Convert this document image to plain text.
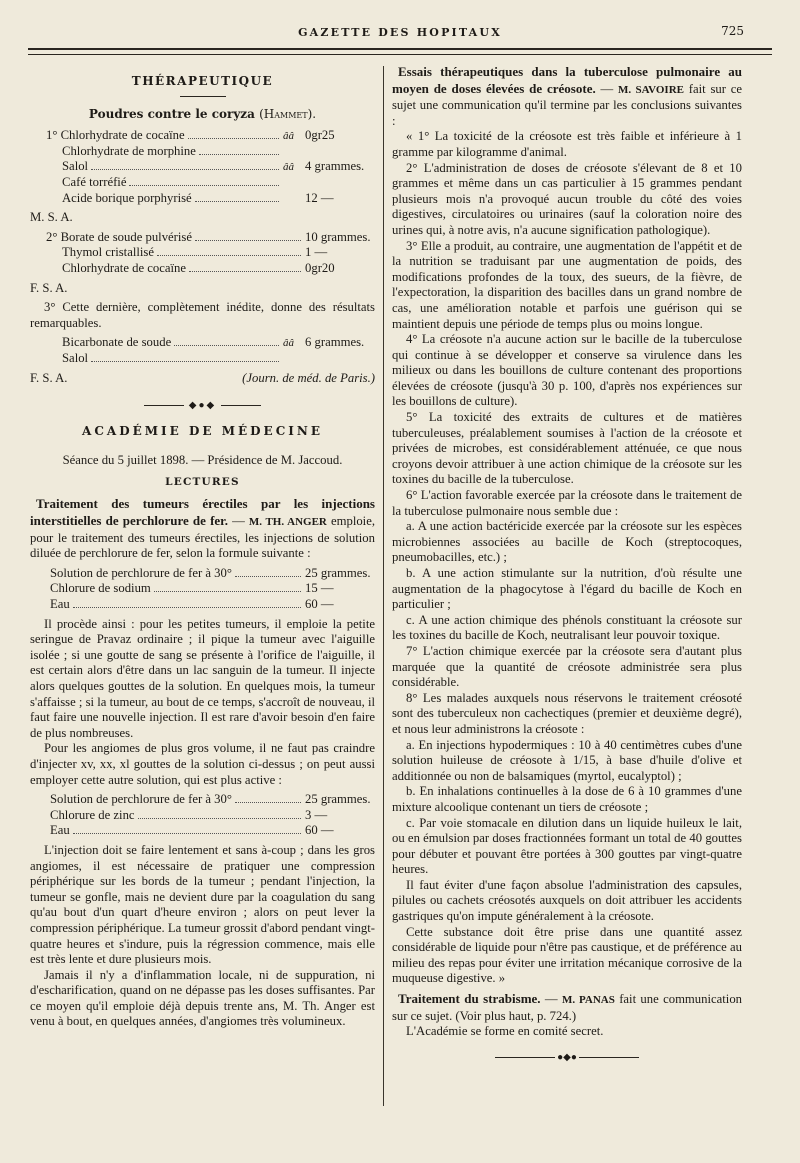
GAZETTE DES HOPITAUX	725
THÉRAPEUTIQUE
Poudres contre le coryza (Hammet).
1° Chlorhydrate de cocaïne	ââ 0gr25
Chlorhydrate de morphine
Salol	ââ 4 grammes.
Café torréfié
Acide borique porphyrisé	12 —
M. S. A.
2° Borate de soude pulvérisé	10 grammes.
Thymol cristallisé	1 —
Chlorhydrate de cocaïne	0gr20
F. S. A.

3° Cette dernière, complètement inédite, donne des résultats remarquables.

Bicarbonate de soude	ââ 6 grammes.
Salol
F. S. A.	(Journ. de méd. de Paris.)
◆●◆
ACADÉMIE DE MÉDECINE
Séance du 5 juillet 1898. — Présidence de M. Jaccoud.
LECTURES

Traitement des tumeurs érectiles par les injections interstitielles de perchlorure de fer. — M. TH. ANGER emploie, pour le traitement des tumeurs érectiles, les injections de solution diluée de perchlorure de fer, selon la formule suivante :

Solution de perchlorure de fer à 30°	25 grammes.
Chlorure de sodium	15 —
Eau	60 —

Il procède ainsi : pour les petites tumeurs, il emploie la petite seringue de Pravaz ordinaire ; il pique la tumeur avec l'aiguille isolée ; si une goutte de sang se présente à l'orifice de l'aiguille, il est certain alors d'être dans un lac sanguin de la tumeur. Il injecte alors quelques gouttes de la solution. En quelques mois, la tumeur s'affaisse ; si la tumeur, au bout de ce temps, s'accroît de nouveau, il faut faire une nouvelle injection. Il est rare d'avoir besoin d'en faire de plus nombreuses.

Pour les angiomes de plus gros volume, il ne faut pas craindre d'injecter xv, xx, xl gouttes de la solution ci-dessus ; on peut aussi employer cette autre solution, qui est plus active :

Solution de perchlorure de fer à 30°	25 grammes.
Chlorure de zinc	3 —
Eau	60 —

L'injection doit se faire lentement et sans à-coup ; dans les gros angiomes, il est nécessaire de pratiquer une compression périphérique sur les bords de la tumeur ; pendant l'injection, la tumeur se gonfle, mais ne devient dure par la coagulation du sang qu'au bout d'un quart d'heure environ ; alors on peut lever la compression périphérique. La tumeur grossit d'abord pendant vingt-quatre heures et s'indure, puis la régression commence, mais elle est très lente et dure plusieurs mois.

Jamais il n'y a d'inflammation locale, ni de suppuration, ni d'escharification, quand on ne dépasse pas les doses suffisantes. Par ce moyen qu'il emploie déjà depuis trente ans, M. Th. Anger est venu à bout, en quelques années, d'angiomes très volumineux.

Essais thérapeutiques dans la tuberculose pulmonaire au moyen de doses élevées de créosote. — M. SAVOIRE fait sur ce sujet une communication qu'il termine par les conclusions suivantes :

« 1° La toxicité de la créosote est très faible et inférieure à 1 gramme par kilogramme d'animal.

2° L'administration de doses de créosote s'élevant de 8 et 10 grammes et même dans un cas particulier à 15 grammes pendant plusieurs mois n'a provoqué aucun trouble du côté des voies digestives, circulatoires ou urinaires (sauf la coloration noire des urines qui, à notre avis, n'a aucune signification pathologique).

3° Elle a produit, au contraire, une augmentation de l'appétit et de la nutrition se traduisant par une augmentation de poids, des modifications profondes de la toux, des sueurs, de la fièvre, de l'expectoration, la disparition des bacilles dans un grand nombre de cas, une amélioration notable et parfois une guérison qui se maintient depuis une période de temps plus ou moins longue.

4° La créosote n'a aucune action sur le bacille de la tuberculose qui continue à se développer et conserve sa virulence dans les milieux ou dans les bouillons de culture contenant des proportions élevées de créosote (jusqu'à 30 p. 100, d'après nos expériences sur les bouillons de culture).

5° La toxicité des extraits de cultures et de matières tuberculeuses, préalablement soumises à l'action de la créosote et privées de microbes, est considérablement atténuée, ce que nous croyons devoir attribuer à une action chimique de la créosote sur les toxines du bacille de la tuberculose.

6° L'action favorable exercée par la créosote dans le traitement de la tuberculose pulmonaire nous semble due :

a. A une action bactéricide exercée par la créosote sur les espèces microbiennes associées au bacille de Koch (streptocoques, pneumobacilles, etc.) ;

b. A une action stimulante sur la nutrition, d'où résulte une augmentation de la phagocytose à l'égard du bacille de Koch en particulier ;

c. A une action chimique des phénols constituant la créosote sur les toxines du bacille de Koch, neutralisant leur pouvoir toxique.

7° L'action chimique exercée par la créosote sera d'autant plus marquée que la quantité de créosote administrée sera plus considérable.

8° Les malades auxquels nous réservons le traitement créosoté sont des tuberculeux non cachectiques (premier et deuxième degré), et nous leur administrons la créosote :

a. En injections hypodermiques : 10 à 40 centimètres cubes d'une solution huileuse de créosote à 1/15, à base d'huile d'olive et additionnée ou non de balsamiques (myrtol, eucalyptol) ;

b. En inhalations continuelles à la dose de 6 à 10 grammes d'une mixture alcoolique contenant un tiers de créosote ;

c. Par voie stomacale en dilution dans un liquide huileux le lait, ou en émulsion par doses fractionnées formant un total de 40 gouttes pour débuter et pouvant être portées à 300 gouttes par vingt-quatre heures.

Il faut éviter d'une façon absolue l'administration des capsules, pilules ou cachets créosotés auxquels on doit attribuer les accidents gastriques qu'on impute généralement à la créosote.

Cette substance doit être prise dans une quantité assez considérable de liquide pour n'être pas caustique, et de préférence au milieu des repas pour éviter une irritation mécanique corrosive de la muqueuse digestive. »

Traitement du strabisme. — M. PANAS fait une communication sur ce sujet. (Voir plus haut, p. 724.)

L'Académie se forme en comité secret.

●◆●
